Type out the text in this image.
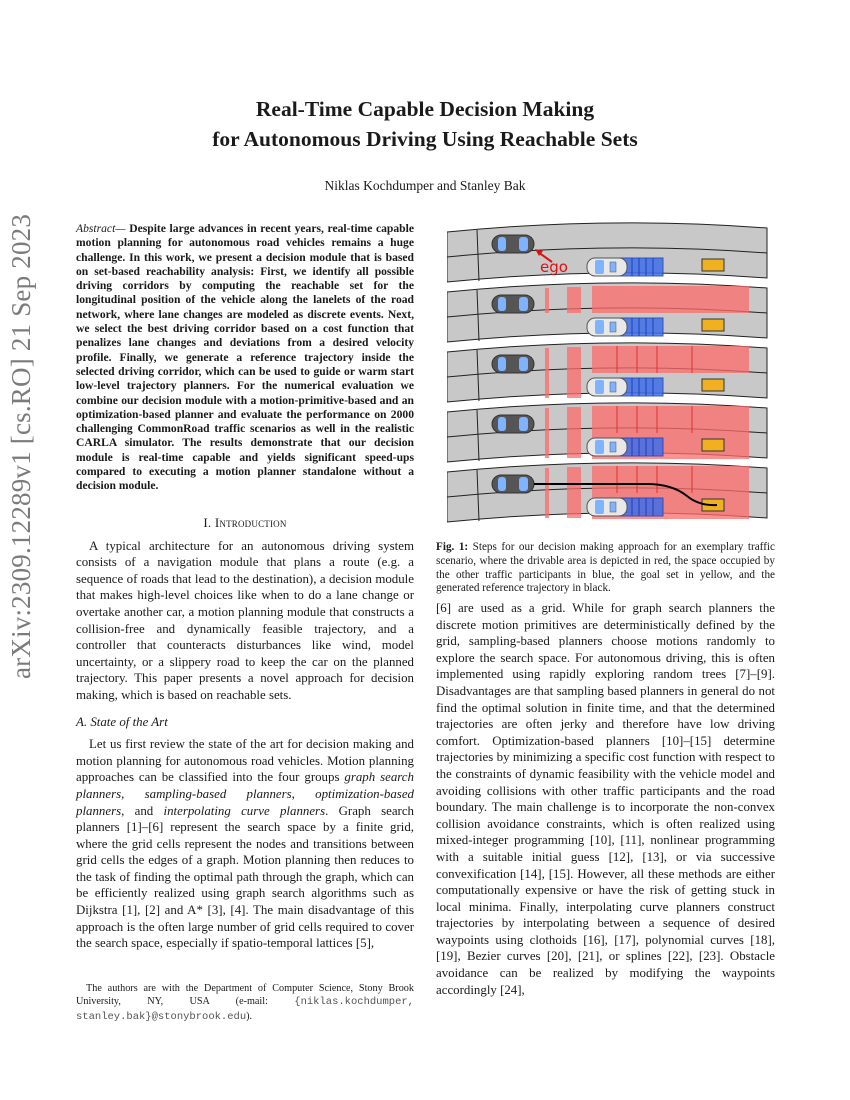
Real-Time Capable Decision Making
for Autonomous Driving Using Reachable Sets
Niklas Kochdumper and Stanley Bak
arXiv:2309.12289v1 [cs.RO] 21 Sep 2023	Abstract— Despite large advances in recent years, real-time capable motion planning for autonomous road vehicles remains a huge challenge. In this work, we present a decision module that is based on set-based reachability analysis: First, we identify all possible driving corridors by computing the reachable set for the longitudinal position of the vehicle along the lanelets of the road network, where lane changes are modeled as discrete events. Next, we select the best driving corridor based on a cost function that penalizes lane changes and deviations from a desired velocity profile. Finally, we generate a reference trajectory inside the selected driving corridor, which can be used to guide or warm start low-level trajectory planners. For the numerical evaluation we combine our decision module with a motion-primitive-based and an optimization-based planner and evaluate the performance on 2000 challenging CommonRoad traffic scenarios as well in the realistic CARLA simulator. The results demonstrate that our decision module is real-time capable and yields significant speed-ups compared to executing a motion planner standalone without a decision module.
I. Introduction

A typical architecture for an autonomous driving system consists of a navigation module that plans a route (e.g. a sequence of roads that lead to the destination), a decision module that makes high-level choices like when to do a lane change or overtake another car, a motion planning module that constructs a collision-free and dynamically feasible trajectory, and a controller that counteracts disturbances like wind, model uncertainty, or a slippery road to keep the car on the planned trajectory. This paper presents a novel approach for decision making, which is based on reachable sets.

A. State of the Art

Let us first review the state of the art for decision making and motion planning for autonomous road vehicles. Motion planning approaches can be classified into the four groups graph search planners, sampling-based planners, optimization-based planners, and interpolating curve planners. Graph search planners [1]–[6] represent the search space by a finite grid, where the grid cells represent the nodes and transitions between grid cells the edges of a graph. Motion planning then reduces to the task of finding the optimal path through the graph, which can be efficiently realized using graph search algorithms such as Dijkstra [1], [2] and A* [3], [4]. The main disadvantage of this approach is the often large number of grid cells required to cover the search space, especially if spatio-temporal lattices [5],

The authors are with the Department of Computer Science, Stony Brook University, NY, USA (e-mail: {niklas.kochdumper, stanley.bak}@stonybrook.edu).
ego
Fig. 1: Steps for our decision making approach for an exemplary traffic scenario, where the drivable area is depicted in red, the space occupied by the other traffic participants in blue, the goal set in yellow, and the generated reference trajectory in black.

[6] are used as a grid. While for graph search planners the discrete motion primitives are deterministically defined by the grid, sampling-based planners choose motions randomly to explore the search space. For autonomous driving, this is often implemented using rapidly exploring random trees [7]–[9]. Disadvantages are that sampling based planners in general do not find the optimal solution in finite time, and that the determined trajectories are often jerky and therefore have low driving comfort. Optimization-based planners [10]–[15] determine trajectories by minimizing a specific cost function with respect to the constraints of dynamic feasibility with the vehicle model and avoiding collisions with other traffic participants and the road boundary. The main challenge is to incorporate the non-convex collision avoidance constraints, which is often realized using mixed-integer programming [10], [11], nonlinear programming with a suitable initial guess [12], [13], or via successive convexification [14], [15]. However, all these methods are either computationally expensive or have the risk of getting stuck in local minima. Finally, interpolating curve planners construct trajectories by interpolating between a sequence of desired waypoints using clothoids [16], [17], polynomial curves [18], [19], Bezier curves [20], [21], or splines [22], [23]. Obstacle avoidance can be realized by modifying the waypoints accordingly [24],
